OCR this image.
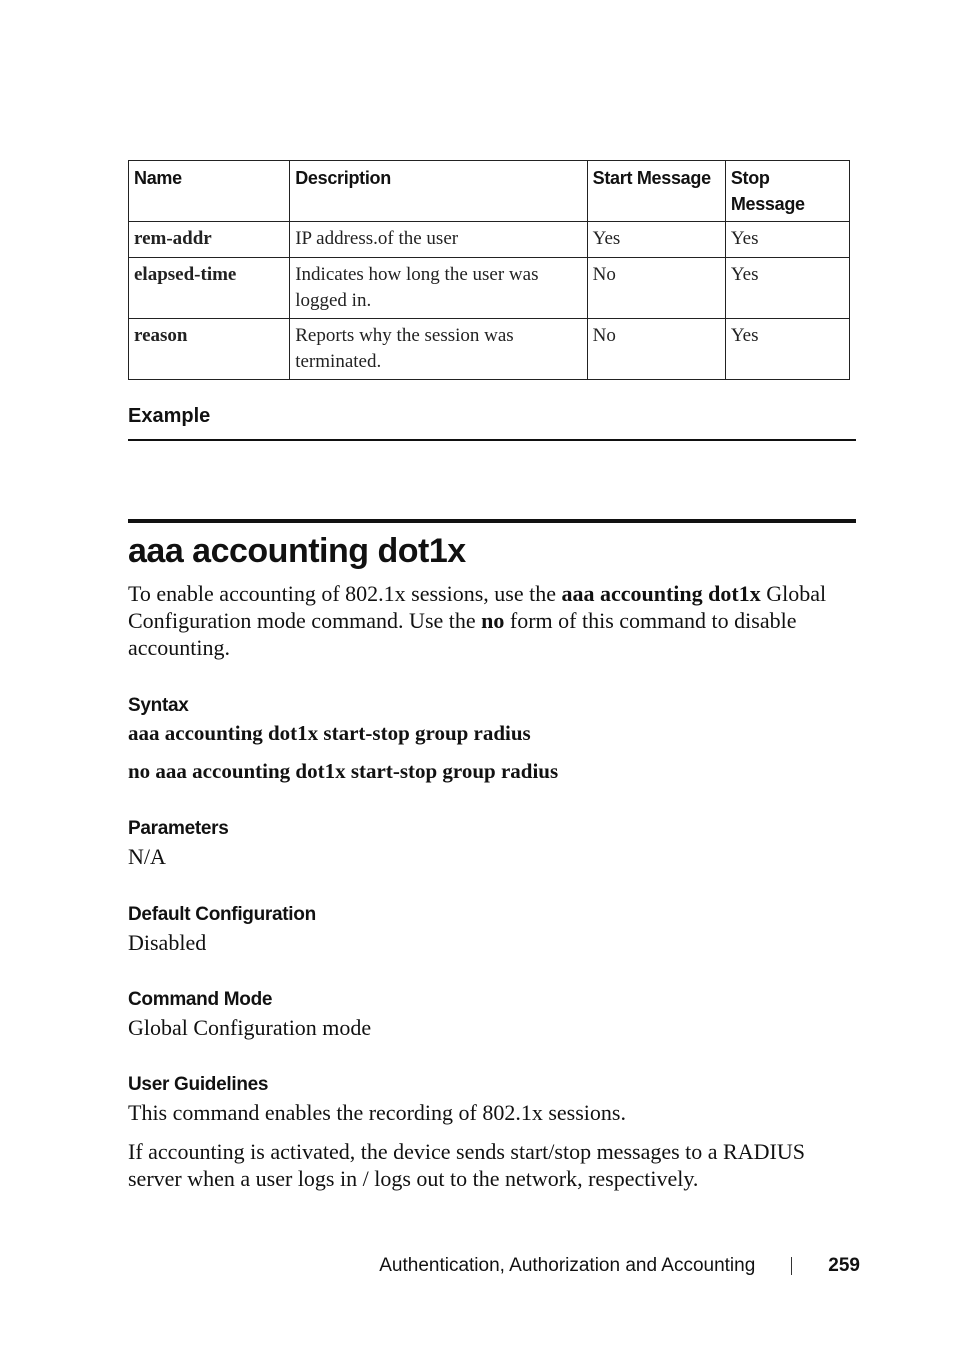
Name	Description	Start Message	Stop Message
rem-addr	IP address.of the user	Yes	Yes
elapsed-time	Indicates how long the user was logged in.	No	Yes
reason	Reports why the session was terminated.	No	Yes
Example
aaa accounting dot1x
To enable accounting of 802.1x sessions, use the aaa accounting dot1x Global Configuration mode command. Use the no form of this command to disable accounting.
Syntax
aaa accounting dot1x start-stop group radius
no aaa accounting dot1x start-stop group radius
Parameters
N/A
Default Configuration
Disabled
Command Mode
Global Configuration mode
User Guidelines
This command enables the recording of 802.1x sessions.
If accounting is activated, the device sends start/stop messages to a RADIUS server when a user logs in / logs out to the network, respectively.
Authentication, Authorization and Accounting	259
